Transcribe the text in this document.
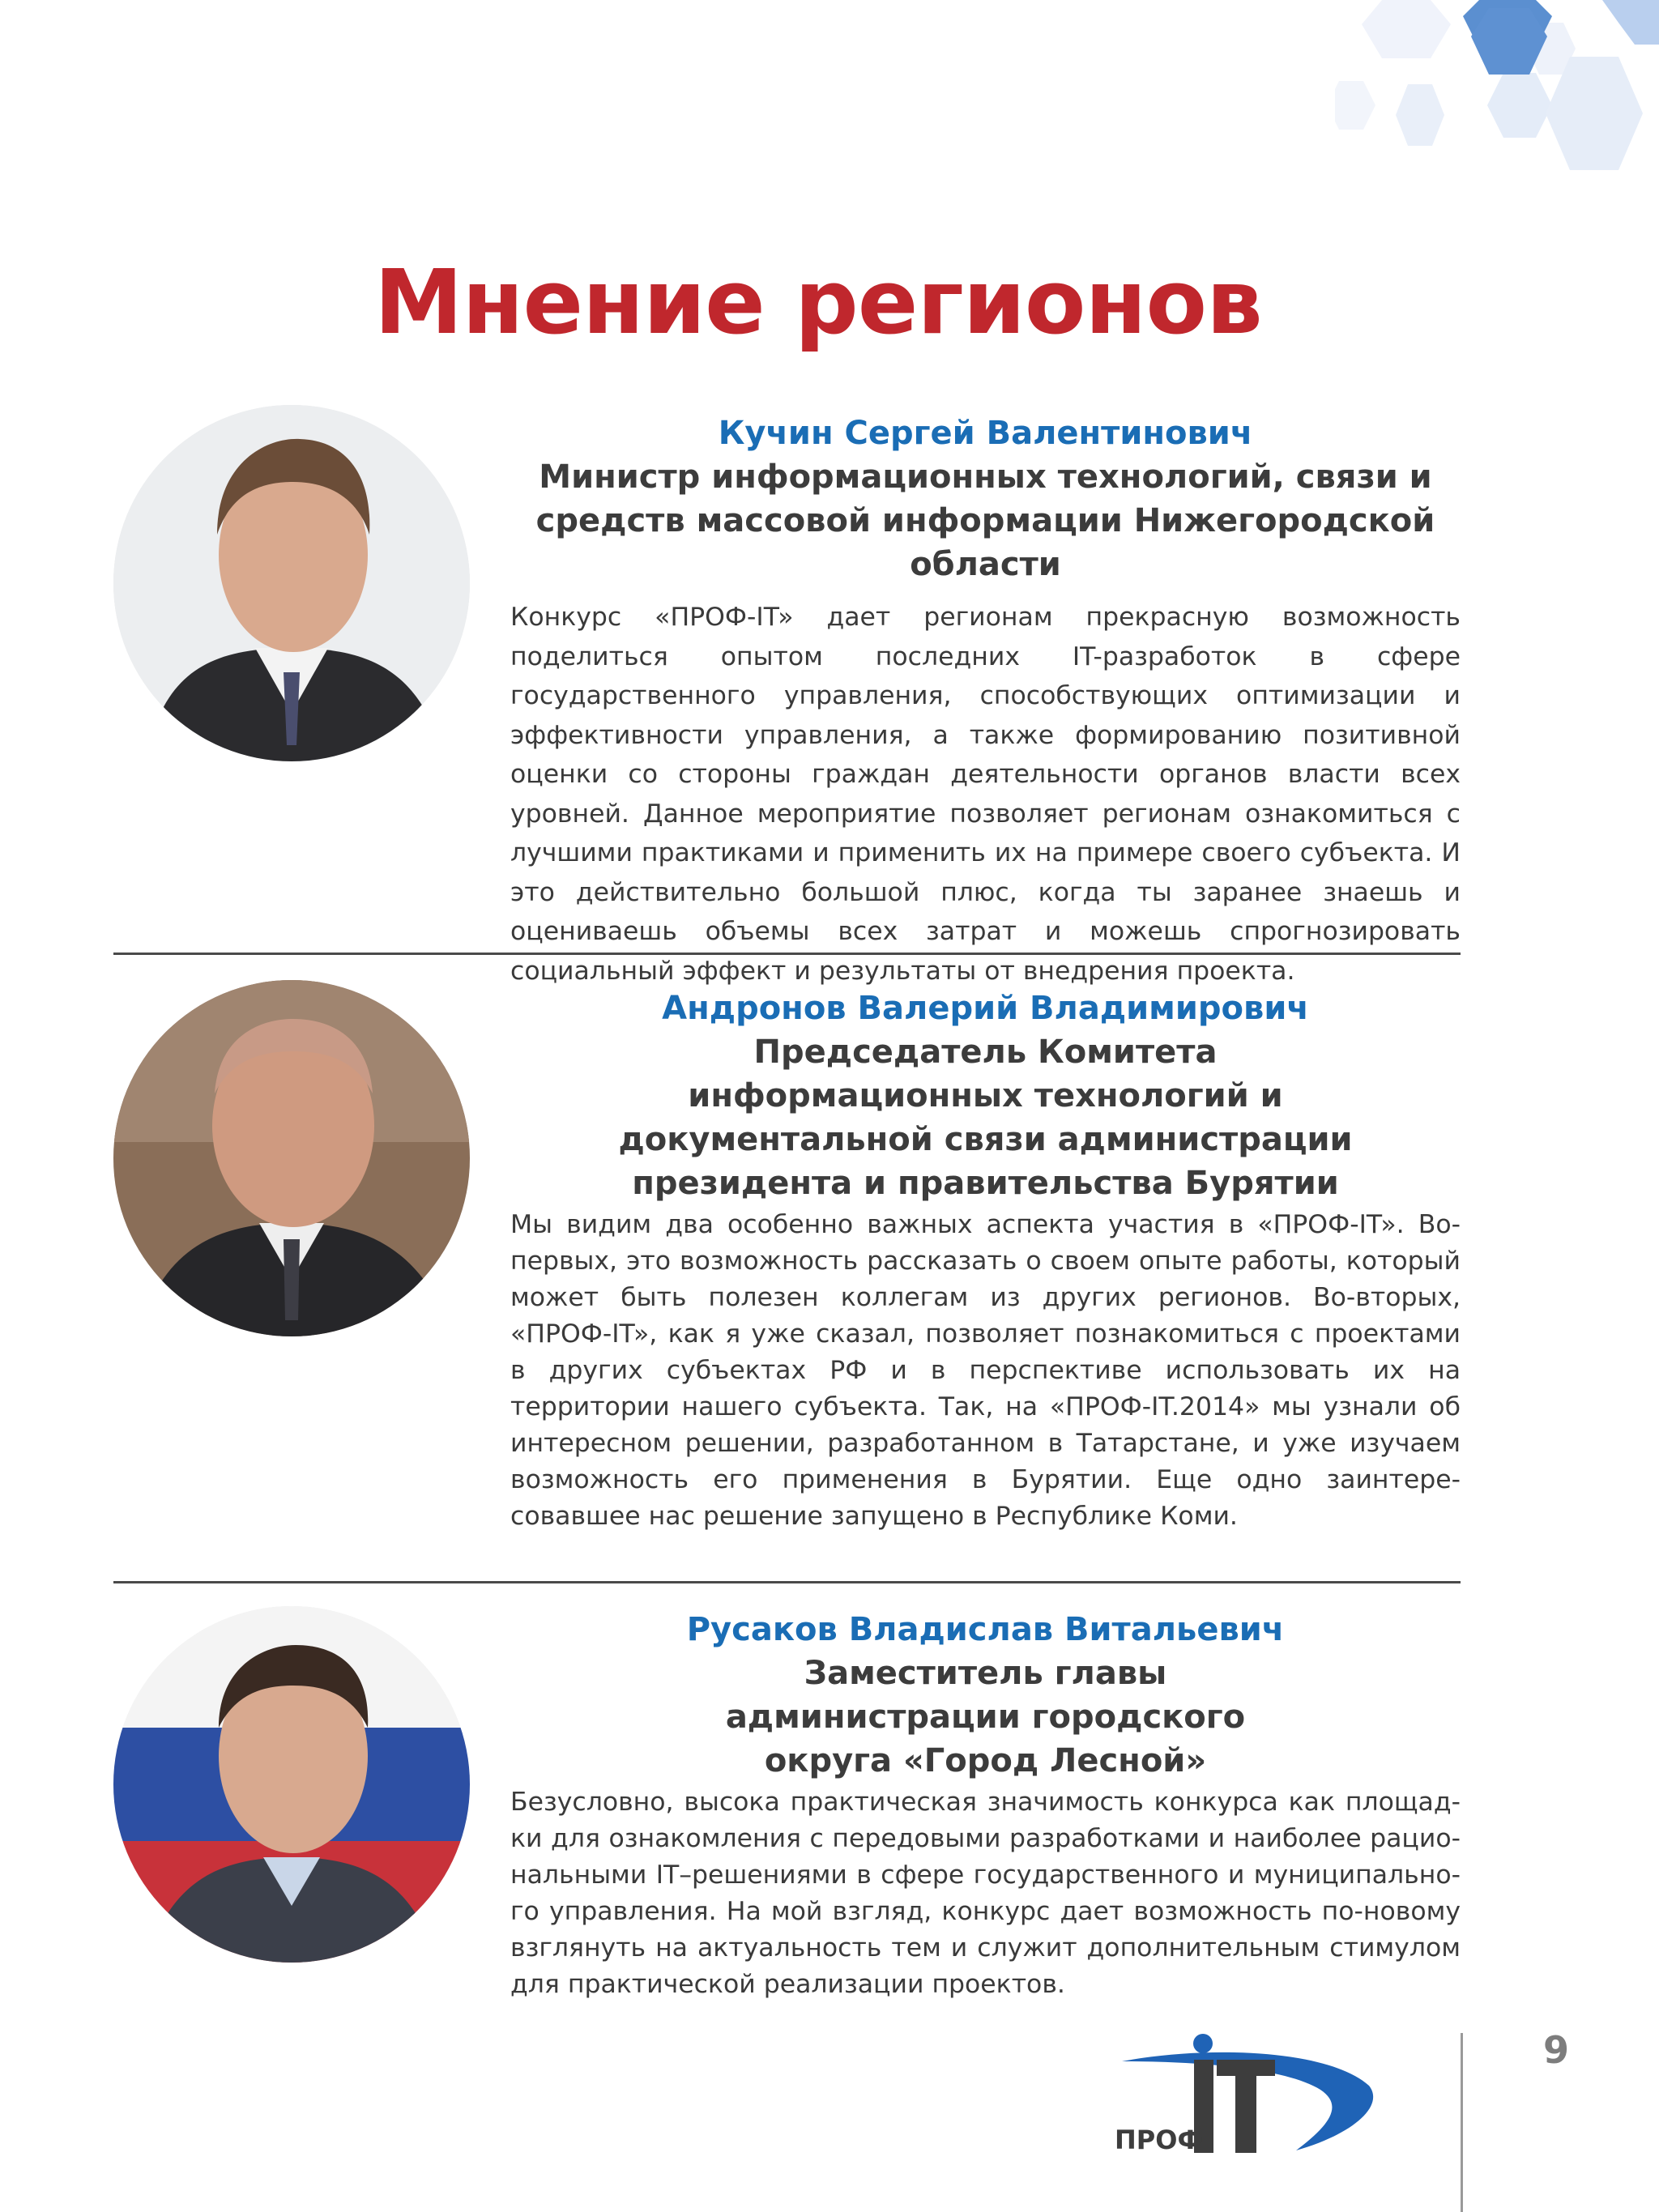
Мнение регионов

Кучин Сергей Валентинович

Министр информационных технологий, связи и средств массовой информации Нижегородской области

Конкурс «ПРОФ-IT» дает регионам прекрасную возможность поделиться опытом последних IT-разработок в сфере государственного управления, способствующих оптимизации и эффективности управления, а также формированию позитивной оценки со стороны граждан деятельности органов власти всех уровней. Данное мероприятие позволяет регионам ознакомиться с лучшими практиками и применить их на примере своего субъекта. И это действительно большой плюс, когда ты заранее знаешь и оцениваешь объемы всех затрат и можешь спрогнозировать социальный эффект и результаты от внедрения проекта.

Андронов Валерий Владимирович

Председатель Комитета информационных технологий и документальной связи администрации президента и правительства Бурятии

Мы видим два особенно важных аспекта участия в «ПРОФ-IT». Во-первых, это возможность рассказать о своем опыте работы, который может быть полезен коллегам из других регионов. Во-вторых, «ПРОФ-IT», как я уже сказал, позволяет познакомиться с проектами в других субъектах РФ и в перспективе использовать их на территории нашего субъекта. Так, на «ПРОФ-IT.2014» мы узнали об интересном решении, разработанном в Татарстане, и уже изучаем возможность его применения в Бурятии. Еще одно заинтересовавшее нас решение запущено в Республике Коми.

Русаков Владислав Витальевич

Заместитель главы администрации городского округа «Город Лесной»

Безусловно, высока практическая значимость конкурса как площадки для ознакомления с передовыми разработками и наиболее рациональными IT–решениями в сфере государственного и муниципального управления. На мой взгляд, конкурс дает возможность по-новому взглянуть на актуальность тем и служит дополнительным стимулом для практической реализации проектов.

ПРОФ
9
